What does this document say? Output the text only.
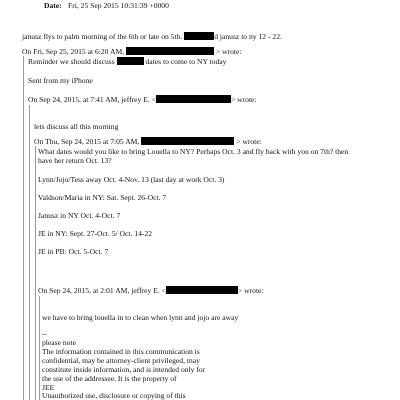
Date: Fri, 25 Sep 2015 10:31:39 +0000
janusz flys to palm morning of the 6th or late on 5th.	d janusz to ny 12 - 22.
On Fri, Sep 25, 2015 at 6:20 AM,	> wrote:
Reminder we should discuss	dates to come to NY today
Sent from my iPhone
On Sep 24, 2015, at 7:41 AM, jeffrey E. <	> wrote:
lets discuss all this morning
On Thu, Sep 24, 2015 at 7:05 AM,	> wrote:
What dates would you like to bring Louella to NY? Perhaps Oct. 3 and fly back with you on 7th? then
have her return Oct. 13?
Lynn/Jojo/Tess away Oct. 4-Nov. 13 (last day at work Oct. 3)
Valdson/Maria in NY: Sat. Sept. 26-Oct. 7
Janusz in NY Oct. 4-Oct. 7
JE in NY: Sept. 27-Oct. 5/ Oct. 14-22
JE in PB: Oct. 5-Oct. 7
On Sep 24, 2015, at 2:01 AM, jeffrey E. <	> wrote:
we have to bring louella in to clean when lynn and jojo are away
--
please note
The information contained in this communication is
confidential, may be attorney-client privileged, may
constitute inside information, and is intended only for
the use of the addressee. It is the property of
JEE
Unauthorized use, disclosure or copying of this
